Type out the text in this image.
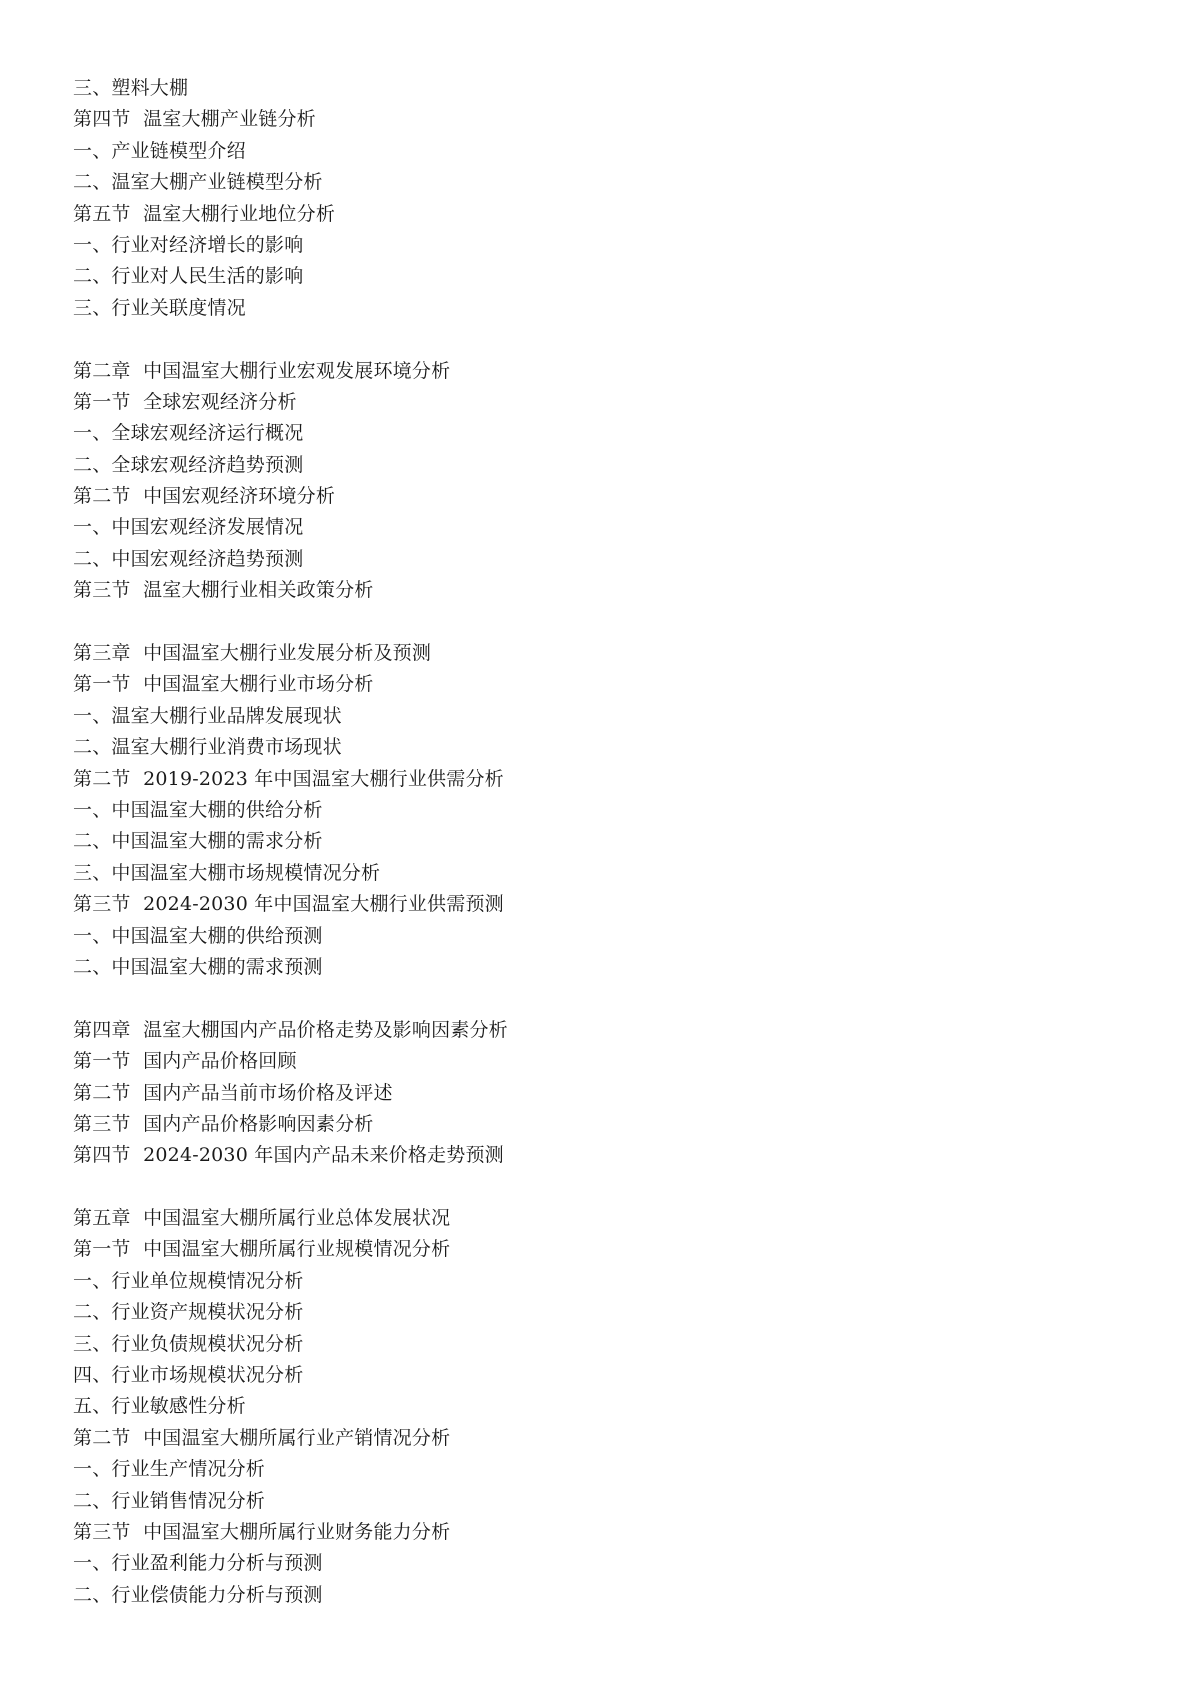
三、塑料大棚
第四节  温室大棚产业链分析
一、产业链模型介绍
二、温室大棚产业链模型分析
第五节  温室大棚行业地位分析
一、行业对经济增长的影响
二、行业对人民生活的影响
三、行业关联度情况
第二章  中国温室大棚行业宏观发展环境分析
第一节  全球宏观经济分析
一、全球宏观经济运行概况
二、全球宏观经济趋势预测
第二节  中国宏观经济环境分析
一、中国宏观经济发展情况
二、中国宏观经济趋势预测
第三节  温室大棚行业相关政策分析
第三章  中国温室大棚行业发展分析及预测
第一节  中国温室大棚行业市场分析
一、温室大棚行业品牌发展现状
二、温室大棚行业消费市场现状
第二节  2019-2023 年中国温室大棚行业供需分析
一、中国温室大棚的供给分析
二、中国温室大棚的需求分析
三、中国温室大棚市场规模情况分析
第三节  2024-2030 年中国温室大棚行业供需预测
一、中国温室大棚的供给预测
二、中国温室大棚的需求预测
第四章  温室大棚国内产品价格走势及影响因素分析
第一节  国内产品价格回顾
第二节  国内产品当前市场价格及评述
第三节  国内产品价格影响因素分析
第四节  2024-2030 年国内产品未来价格走势预测
第五章  中国温室大棚所属行业总体发展状况
第一节  中国温室大棚所属行业规模情况分析
一、行业单位规模情况分析
二、行业资产规模状况分析
三、行业负债规模状况分析
四、行业市场规模状况分析
五、行业敏感性分析
第二节  中国温室大棚所属行业产销情况分析
一、行业生产情况分析
二、行业销售情况分析
第三节  中国温室大棚所属行业财务能力分析
一、行业盈利能力分析与预测
二、行业偿债能力分析与预测
